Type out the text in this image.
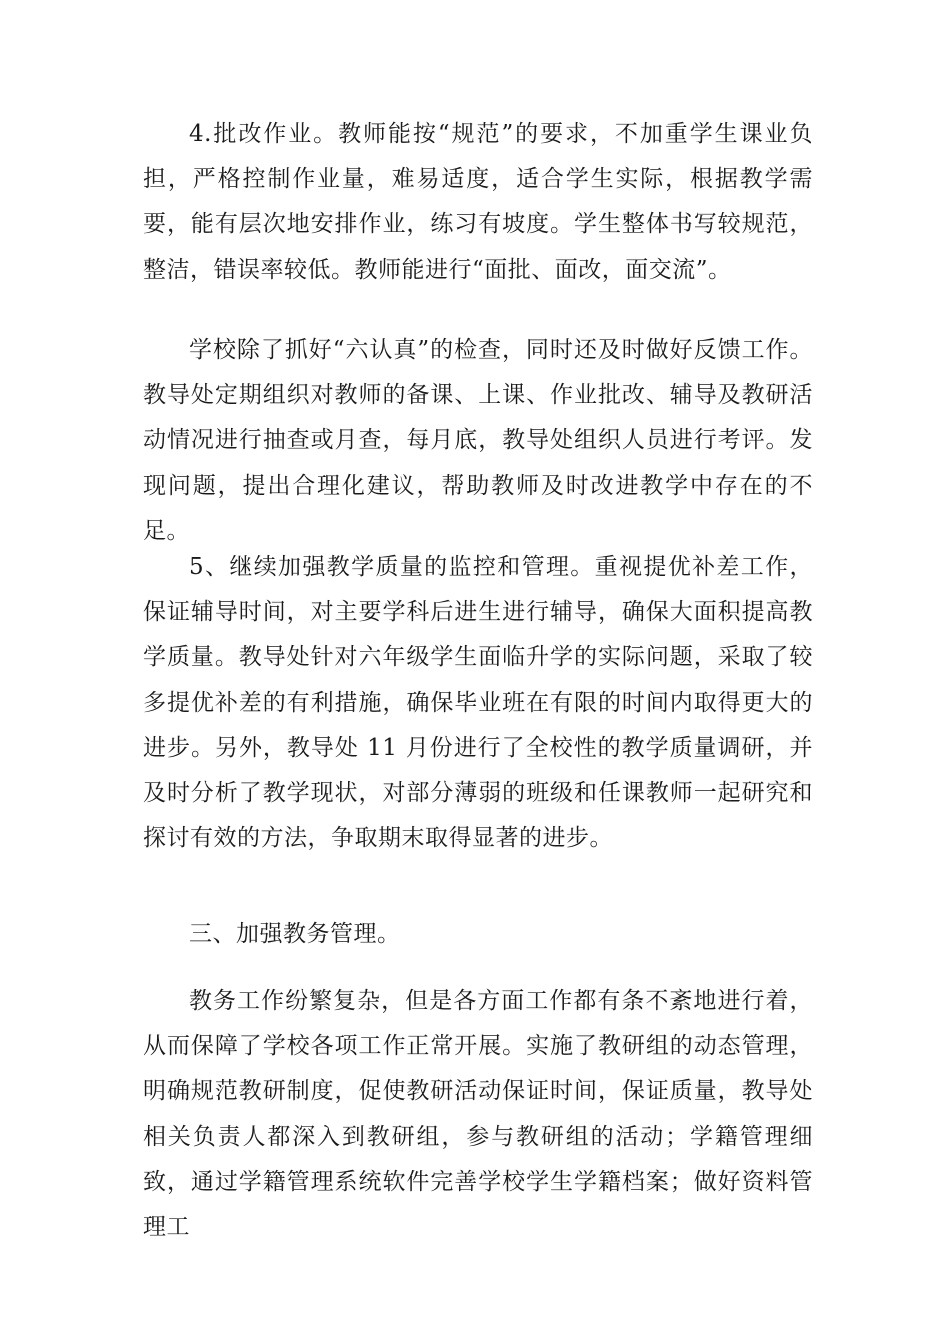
4.批改作业。教师能按“规范”的要求，不加重学生课业负担，严格控制作业量，难易适度，适合学生实际，根据教学需要，能有层次地安排作业，练习有坡度。学生整体书写较规范，整洁，错误率较低。教师能进行“面批、面改，面交流”。

学校除了抓好“六认真”的检查，同时还及时做好反馈工作。教导处定期组织对教师的备课、上课、作业批改、辅导及教研活动情况进行抽查或月查，每月底，教导处组织人员进行考评。发现问题，提出合理化建议，帮助教师及时改进教学中存在的不足。

5、继续加强教学质量的监控和管理。重视提优补差工作，保证辅导时间，对主要学科后进生进行辅导，确保大面积提高教学质量。教导处针对六年级学生面临升学的实际问题，采取了较多提优补差的有利措施，确保毕业班在有限的时间内取得更大的进步。另外，教导处 11 月份进行了全校性的教学质量调研，并及时分析了教学现状，对部分薄弱的班级和任课教师一起研究和探讨有效的方法，争取期末取得显著的进步。

三、加强教务管理。

教务工作纷繁复杂，但是各方面工作都有条不紊地进行着，从而保障了学校各项工作正常开展。实施了教研组的动态管理，明确规范教研制度，促使教研活动保证时间，保证质量，教导处相关负责人都深入到教研组，参与教研组的活动；学籍管理细致，通过学籍管理系统软件完善学校学生学籍档案；做好资料管理工
